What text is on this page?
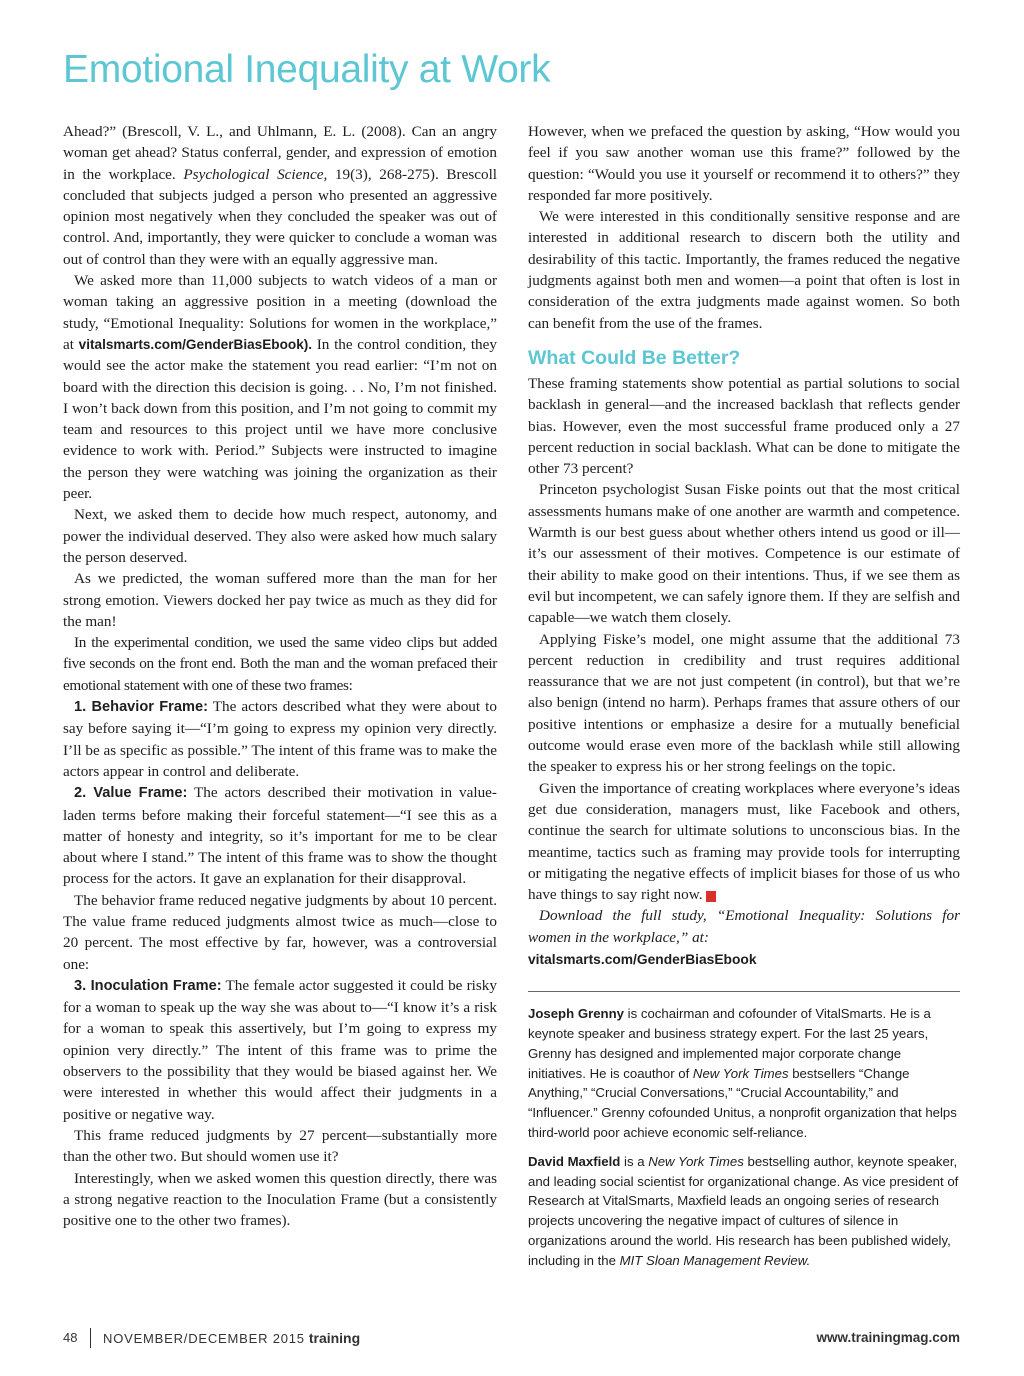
Emotional Inequality at Work

Ahead?” (Brescoll, V. L., and Uhlmann, E. L. (2008). Can an angry woman get ahead? Status conferral, gender, and expression of emotion in the workplace. Psychological Science, 19(3), 268-275). Brescoll concluded that subjects judged a person who presented an aggressive opinion most negatively when they concluded the speaker was out of control. And, importantly, they were quicker to conclude a woman was out of control than they were with an equally aggressive man.

We asked more than 11,000 subjects to watch videos of a man or woman taking an aggressive position in a meeting (download the study, “Emotional Inequality: Solutions for women in the workplace,” at vitalsmarts.com/GenderBiasEbook). In the control condition, they would see the actor make the statement you read earlier: “I’m not on board with the direction this decision is going. . . No, I’m not finished. I won’t back down from this position, and I’m not going to commit my team and resources to this project until we have more conclusive evidence to work with. Period.” Subjects were instructed to imagine the person they were watching was joining the organization as their peer.

Next, we asked them to decide how much respect, autonomy, and power the individual deserved. They also were asked how much salary the person deserved.

As we predicted, the woman suffered more than the man for her strong emotion. Viewers docked her pay twice as much as they did for the man!

In the experimental condition, we used the same video clips but added five seconds on the front end. Both the man and the woman prefaced their emotional statement with one of these two frames:

1. Behavior Frame: The actors described what they were about to say before saying it—“I’m going to express my opinion very directly. I’ll be as specific as possible.” The intent of this frame was to make the actors appear in control and deliberate.

2. Value Frame: The actors described their motivation in value-laden terms before making their forceful statement—“I see this as a matter of honesty and integrity, so it’s important for me to be clear about where I stand.” The intent of this frame was to show the thought process for the actors. It gave an explanation for their disapproval.

The behavior frame reduced negative judgments by about 10 percent. The value frame reduced judgments almost twice as much—close to 20 percent. The most effective by far, however, was a controversial one:

3. Inoculation Frame: The female actor suggested it could be risky for a woman to speak up the way she was about to—“I know it’s a risk for a woman to speak this assertively, but I’m going to express my opinion very directly.” The intent of this frame was to prime the observers to the possibility that they would be biased against her. We were interested in whether this would affect their judgments in a positive or negative way.

This frame reduced judgments by 27 percent—substantially more than the other two. But should women use it?

Interestingly, when we asked women this question directly, there was a strong negative reaction to the Inoculation Frame (but a consistently positive one to the other two frames).

However, when we prefaced the question by asking, “How would you feel if you saw another woman use this frame?” followed by the question: “Would you use it yourself or recommend it to others?” they responded far more positively.

We were interested in this conditionally sensitive response and are interested in additional research to discern both the utility and desirability of this tactic. Importantly, the frames reduced the negative judgments against both men and women—a point that often is lost in consideration of the extra judgments made against women. So both can benefit from the use of the frames.

What Could Be Better?

These framing statements show potential as partial solutions to social backlash in general—and the increased backlash that reflects gender bias. However, even the most successful frame produced only a 27 percent reduction in social backlash. What can be done to mitigate the other 73 percent?

Princeton psychologist Susan Fiske points out that the most critical assessments humans make of one another are warmth and competence. Warmth is our best guess about whether others intend us good or ill—it’s our assessment of their motives. Competence is our estimate of their ability to make good on their intentions. Thus, if we see them as evil but incompetent, we can safely ignore them. If they are selfish and capable—we watch them closely.

Applying Fiske’s model, one might assume that the additional 73 percent reduction in credibility and trust requires additional reassurance that we are not just competent (in control), but that we’re also benign (intend no harm). Perhaps frames that assure others of our positive intentions or emphasize a desire for a mutually beneficial outcome would erase even more of the backlash while still allowing the speaker to express his or her strong feelings on the topic.

Given the importance of creating workplaces where everyone’s ideas get due consideration, managers must, like Facebook and others, continue the search for ultimate solutions to unconscious bias. In the meantime, tactics such as framing may provide tools for interrupting or mitigating the negative effects of implicit biases for those of us who have things to say right now. t

Download the full study, “Emotional Inequality: Solutions for women in the workplace,” at:

vitalsmarts.com/GenderBiasEbook
Joseph Grenny is cochairman and cofounder of VitalSmarts. He is a keynote speaker and business strategy expert. For the last 25 years, Grenny has designed and implemented major corporate change initiatives. He is coauthor of New York Times bestsellers “Change Anything,” “Crucial Conversations,” “Crucial Accountability,” and “Influencer.” Grenny cofounded Unitus, a nonprofit organization that helps third-world poor achieve economic self-reliance.
David Maxfield is a New York Times bestselling author, keynote speaker, and leading social scientist for organizational change. As vice president of Research at VitalSmarts, Maxfield leads an ongoing series of research projects uncovering the negative impact of cultures of silence in organizations around the world. His research has been published widely, including in the MIT Sloan Management Review.
48 NOVEMBER/DECEMBER 2015 training	www.trainingmag.com
